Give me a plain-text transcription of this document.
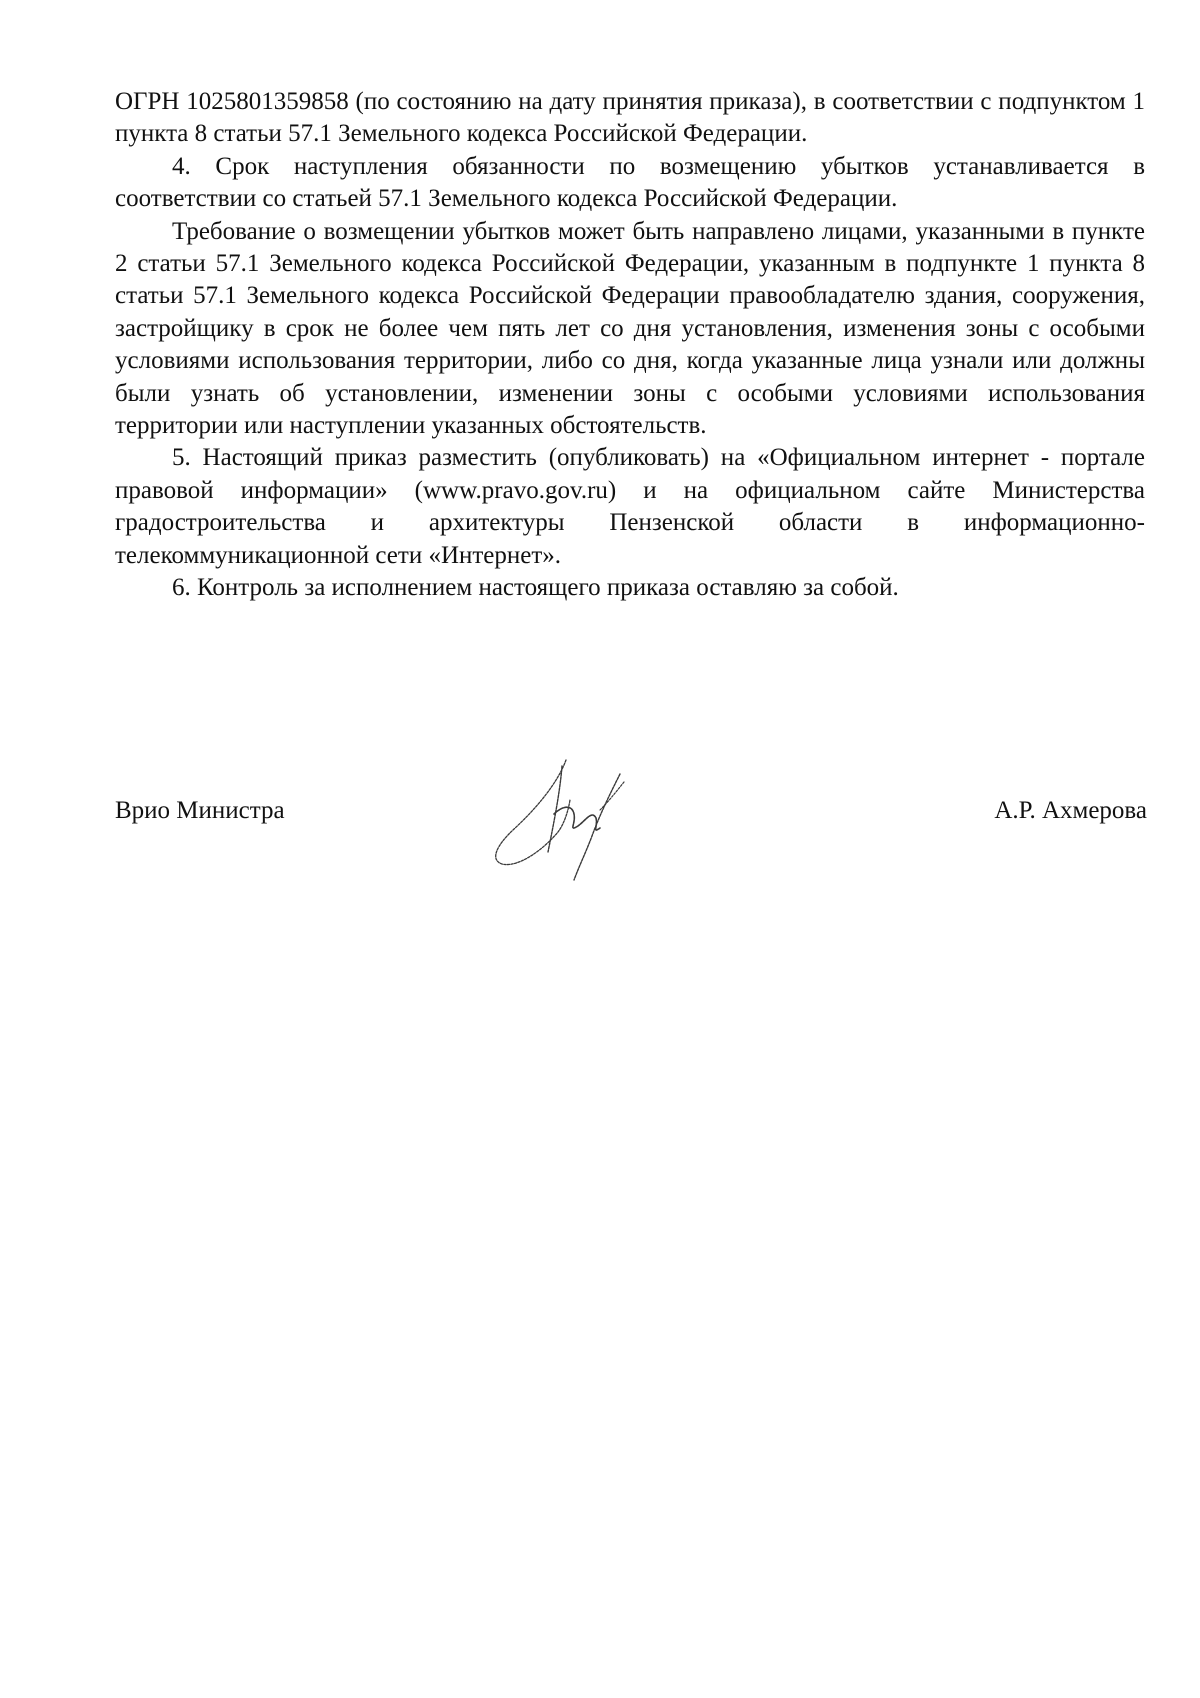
ОГРН 1025801359858 (по состоянию на дату принятия приказа), в соответствии с подпунктом 1 пункта 8 статьи 57.1 Земельного кодекса Российской Федерации.

4. Срок наступления обязанности по возмещению убытков устанавливается в соответствии со статьей 57.1 Земельного кодекса Российской Федерации.

Требование о возмещении убытков может быть направлено лицами, указанными в пункте 2 статьи 57.1 Земельного кодекса Российской Федерации, указанным в подпункте 1 пункта 8 статьи 57.1 Земельного кодекса Российской Федерации правообладателю здания, сооружения, застройщику в срок не более чем пять лет со дня установления, изменения зоны с особыми условиями использования территории, либо со дня, когда указанные лица узнали или должны были узнать об установлении, изменении зоны с особыми условиями использования территории или наступлении указанных обстоятельств.

5. Настоящий приказ разместить (опубликовать) на «Официальном интернет - портале правовой информации» (www.pravo.gov.ru) и на официальном сайте Министерства градостроительства и архитектуры Пензенской области в информационно-телекоммуникационной сети «Интернет».

6. Контроль за исполнением настоящего приказа оставляю за собой.

Врио Министра	А.Р. Ахмерова
